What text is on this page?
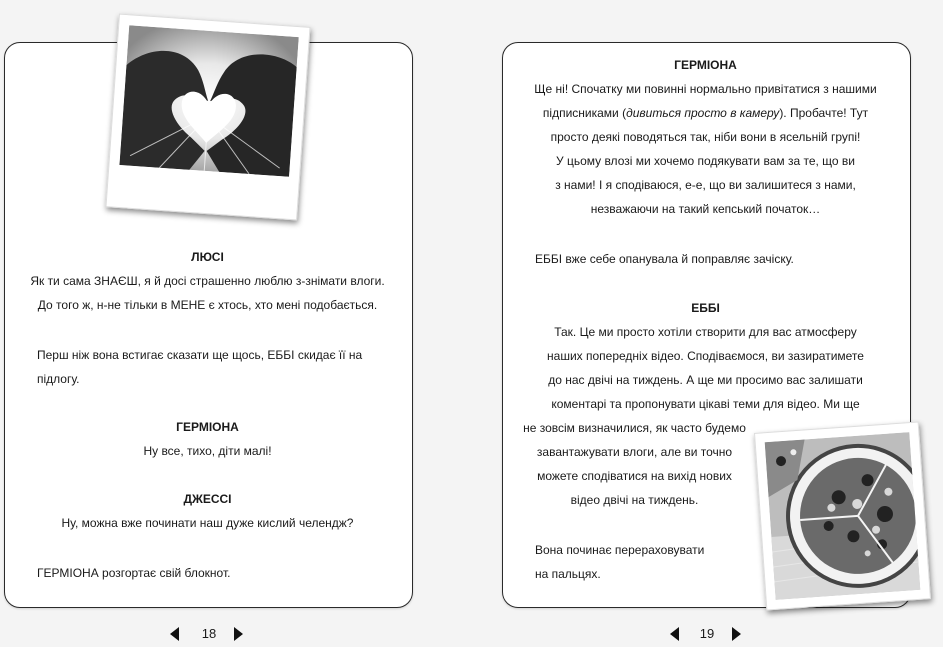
ЛЮСІ
Як ти сама ЗНАЄШ, я й досі страшенно люблю з-знімати влоги.
До того ж, н-не тільки в МЕНЕ є хтось, хто мені подобається.
Перш ніж вона встигає сказати ще щось, ЕББІ скидає її на
підлогу.
ГЕРМІОНА
Ну все, тихо, діти малі!
ДЖЕССІ
Ну, можна вже починати наш дуже кислий челендж?
ГЕРМІОНА розгортає свій блокнот.
18
ГЕРМІОНА
Ще ні! Спочатку ми повинні нормально привітатися з нашими
підписниками (дивиться просто в камеру). Пробачте! Тут
просто деякі поводяться так, ніби вони в ясельній групі!
У цьому влозі ми хочемо подякувати вам за те, що ви
з нами! І я сподіваюся, е-е, що ви залишитеся з нами,
незважаючи на такий кепський початок…
ЕББІ вже себе опанувала й поправляє зачіску.
ЕББІ
Так. Це ми просто хотіли створити для вас атмосферу
наших попередніх відео. Сподіваємося, ви зазиратимете
до нас двічі на тиждень. А ще ми просимо вас залишати
коментарі та пропонувати цікаві теми для відео. Ми ще
не зовсім визначилися, як часто будемо
завантажувати влоги, але ви точно
можете сподіватися на вихід нових
відео двічі на тиждень.
Вона починає перераховувати
на пальцях.
19
